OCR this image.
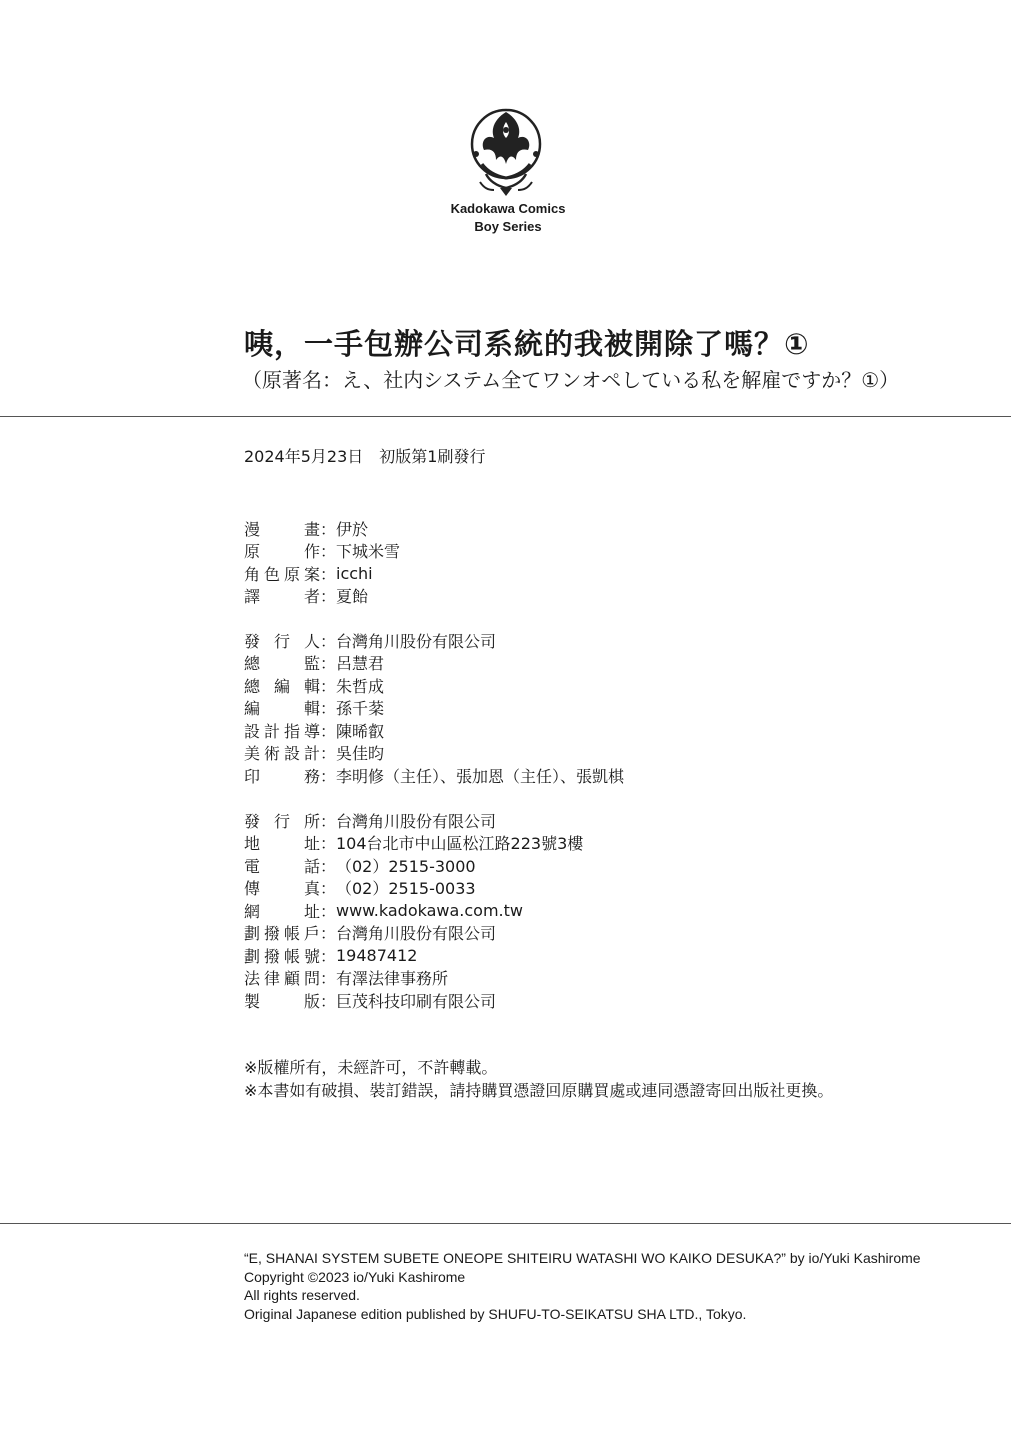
Kadokawa Comics
Boy Series
咦，一手包辦公司系統的我被開除了嗎？①
（原著名：え、社内システム全てワンオペしている私を解雇ですか？①）
2024年5月23日　初版第1刷發行
漫畫 ： 伊於
原作 ： 下城米雪
角色原案 ： icchi
譯者 ： 夏飴
發行人 ： 台灣角川股份有限公司
總監 ： 呂慧君
總編輯 ： 朱哲成
編輯 ： 孫千棻
設計指導 ： 陳晞叡
美術設計 ： 吳佳昀
印務 ： 李明修（主任）、張加恩（主任）、張凱棋
發行所 ： 台灣角川股份有限公司
地址 ： 104台北市中山區松江路223號3樓
電話 ： （02）2515-3000
傳真 ： （02）2515-0033
網址 ： www.kadokawa.com.tw
劃撥帳戶 ： 台灣角川股份有限公司
劃撥帳號 ： 19487412
法律顧問 ： 有澤法律事務所
製版 ： 巨茂科技印刷有限公司
※版權所有，未經許可，不許轉載。
※本書如有破損、裝訂錯誤，請持購買憑證回原購買處或連同憑證寄回出版社更換。
“E, SHANAI SYSTEM SUBETE ONEOPE SHITEIRU WATASHI WO KAIKO DESUKA?” by io/Yuki Kashirome
Copyright ©2023 io/Yuki Kashirome
All rights reserved.
Original Japanese edition published by SHUFU-TO-SEIKATSU SHA LTD., Tokyo.
